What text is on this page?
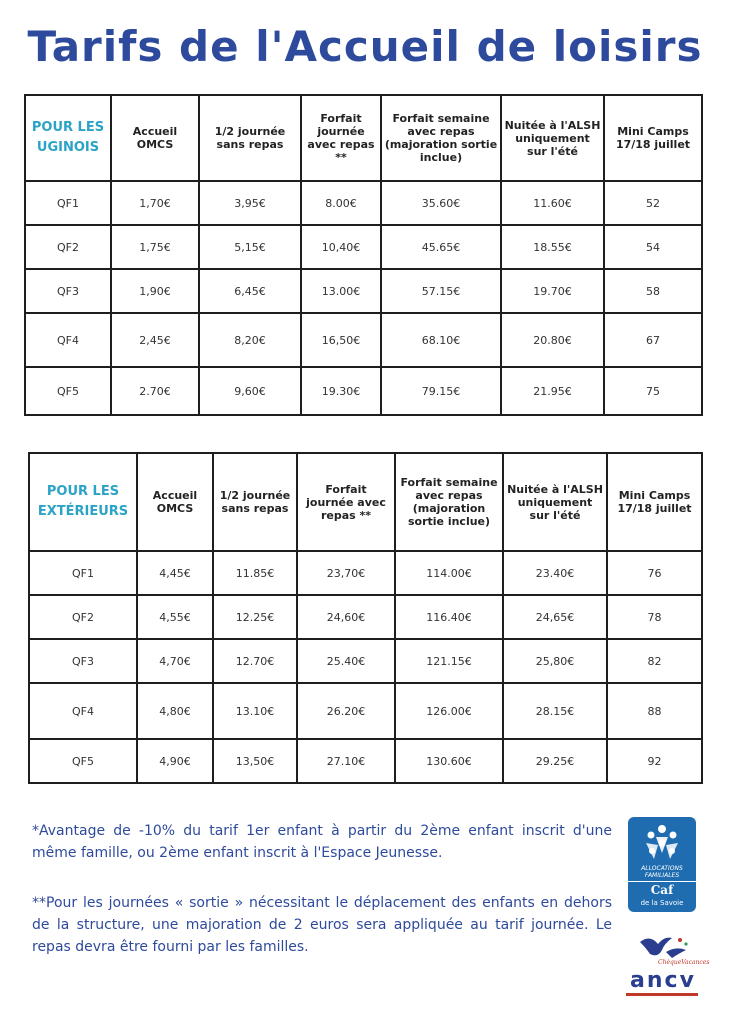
Tarifs de l'Accueil de loisirs
POUR LES UGINOIS	Accueil OMCS	1/2 journée sans repas	Forfait journée avec repas **	Forfait semaine avec repas (majoration sortie inclue)	Nuitée à l'ALSH uniquement sur l'été	Mini Camps 17/18 juillet
QF1	1,70€	3,95€	8.00€	35.60€	11.60€	52
QF2	1,75€	5,15€	10,40€	45.65€	18.55€	54
QF3	1,90€	6,45€	13.00€	57.15€	19.70€	58
QF4	2,45€	8,20€	16,50€	68.10€	20.80€	67
QF5	2.70€	9,60€	19.30€	79.15€	21.95€	75
POUR LES EXTÉRIEURS	Accueil OMCS	1/2 journée sans repas	Forfait journée avec repas **	Forfait semaine avec repas (majoration sortie inclue)	Nuitée à l'ALSH uniquement sur l'été	Mini Camps 17/18 juillet
QF1	4,45€	11.85€	23,70€	114.00€	23.40€	76
QF2	4,55€	12.25€	24,60€	116.40€	24,65€	78
QF3	4,70€	12.70€	25.40€	121.15€	25,80€	82
QF4	4,80€	13.10€	26.20€	126.00€	28.15€	88
QF5	4,90€	13,50€	27.10€	130.60€	29.25€	92
*Avantage de -10% du tarif 1er enfant à partir du 2ème enfant inscrit d'une même famille, ou 2ème enfant inscrit à l'Espace Jeunesse.
**Pour les journées « sortie » nécessitant le déplacement des enfants en dehors de la structure, une majoration de 2 euros sera appliquée au tarif journée. Le repas devra être fourni par les familles.
ALLOCATIONS
FAMILIALES
Caf
de la Savoie
ChèqueVacances
ancv
